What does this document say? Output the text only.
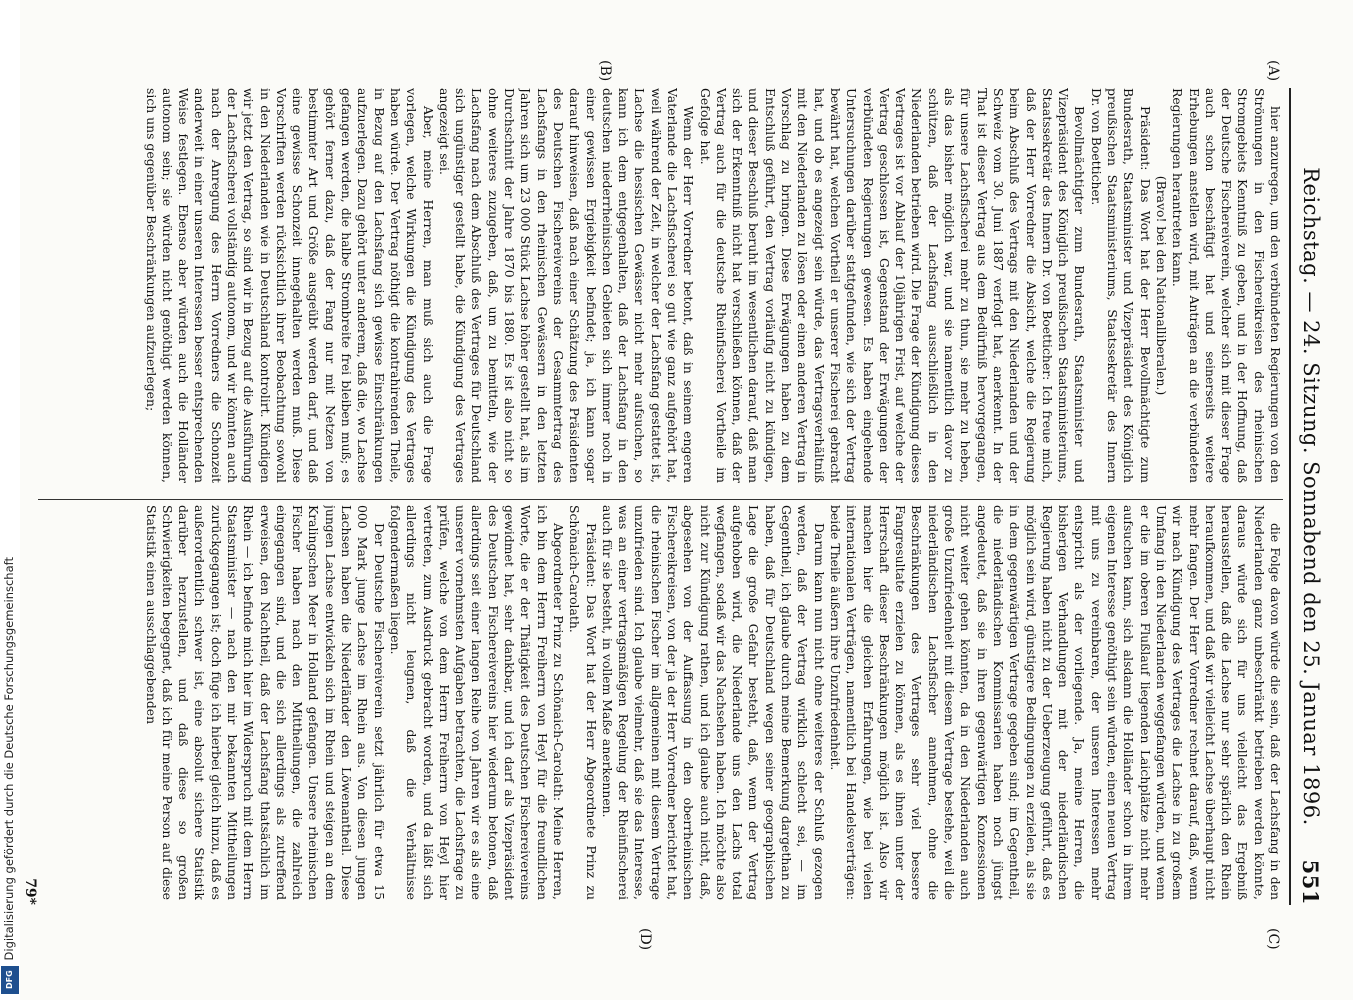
Reichstag. — 24. Sitzung. Sonnabend den 25. Januar 1896.
551
(A)
(B)
(C)
(D)

hier anzuregen, um den verbündeten Regierungen von den Strömungen in den Fischereikreisen des rheinischen Stromgebiets Kenntniß zu geben, und in der Hoffnung, daß der Deutsche Fischereiverein, welcher sich mit dieser Frage auch schon beschäftigt hat und seinerseits weitere Erhebungen anstellen wird, mit Anträgen an die verbündeten Regierungen herantreten kann.

(Bravo! bei den Nationalliberalen.)

Präsident: Das Wort hat der Herr Bevollmächtigte zum Bundesrath, Staatsminister und Vizepräsident des Königlich preußischen Staatsministeriums, Staatssekretär des Innern Dr. von Boetticher.

Bevollmächtigter zum Bundesrath, Staatsminister und Vizepräsident des Königlich preußischen Staatsministeriums, Staatssekretär des Innern Dr. von Boetticher: Ich freue mich, daß der Herr Vorredner die Absicht, welche die Regierung beim Abschluß des Vertrags mit den Niederlanden und der Schweiz vom 30. Juni 1887 verfolgt hat, anerkennt. In der That ist dieser Vertrag aus dem Bedürfniß hervorgegangen, für unsere Lachsfischerei mehr zu thun, sie mehr zu heben, als das bisher möglich war, und sie namentlich davor zu schützen, daß der Lachsfang ausschließlich in den Niederlanden betrieben wird. Die Frage der Kündigung dieses Vertrages ist vor Ablauf der 10jährigen Frist, auf welche der Vertrag geschlossen ist, Gegenstand der Erwägungen der verbündeten Regierungen gewesen. Es haben eingehende Untersuchungen darüber stattgefunden, wie sich der Vertrag bewährt hat, welchen Vortheil er unserer Fischerei gebracht hat, und ob es angezeigt sein würde, das Vertragsverhältniß mit den Niederlanden zu lösen oder einen anderen Vertrag in Vorschlag zu bringen. Diese Erwägungen haben zu dem Entschluß geführt, den Vertrag vorläufig nicht zu kündigen, und dieser Beschluß beruht im wesentlichen darauf, daß man sich der Erkenntniß nicht hat verschließen können, daß der Vertrag auch für die deutsche Rheinfischerei Vortheile im Gefolge hat.

Wenn der Herr Vorredner betont, daß in seinem engeren Vaterlande die Lachsfischerei so gut wie ganz aufgehört hat, weil während der Zeit, in welcher der Lachsfang gestattet ist, Lachse die hessischen Gewässer nicht mehr aufsuchen, so kann ich dem entgegenhalten, daß der Lachsfang in den deutschen niederrheinischen Gebieten sich immer noch in einer gewissen Ergiebigkeit befindet; ja, ich kann sogar darauf hinweisen, daß nach einer Schätzung des Präsidenten des Deutschen Fischereivereins der Gesammtertrag des Lachsfangs in den rheinischen Gewässern in den letzten Jahren sich um 23 000 Stück Lachse höher gestellt hat, als im Durchschnitt der Jahre 1870 bis 1880. Es ist also nicht so ohne weiteres zuzugeben, daß, um zu bemitteln, wie der Lachsfang nach dem Abschluß des Vertrages für Deutschland sich ungünstiger gestellt habe, die Kündigung des Vertrages angezeigt sei.

Aber, meine Herren, man muß sich auch die Frage vorlegen, welche Wirkungen die Kündigung des Vertrages haben würde. Der Vertrag nöthigt die kontrahirenden Theile, in Bezug auf den Lachsfang sich gewisse Einschränkungen aufzuerlegen. Dazu gehört unter anderem, daß die, wo Lachse gefangen werden, die halbe Strombreite frei bleiben muß; es gehört ferner dazu, daß der Fang nur mit Netzen von bestimmter Art und Größe ausgeübt werden darf, und daß eine gewisse Schonzeit innegehalten werden muß. Diese Vorschriften werden rücksichtlich ihrer Beobachtung sowohl in den Niederlanden wie in Deutschland kontrolirt. Kündigen wir jetzt den Vertrag, so sind wir in Bezug auf die Ausführung der Lachsfischerei vollständig autonom, und wir könnten auch nach der Anregung des Herrn Vorredners die Schonzeit anderweit in einer unseren Interessen besser entsprechenden Weise festlegen. Ebenso aber würden auch die Holländer autonom sein; sie würden nicht genöthigt werden können, sich uns gegenüber Beschränkungen aufzuerlegen;

die Folge davon würde die sein, daß der Lachsfang in den Niederlanden ganz unbeschränkt betrieben werden könnte, daraus würde sich für uns vielleicht das Ergebniß herausstellen, daß die Lachse nur sehr spärlich den Rhein heraufkommen, und daß wir vielleicht Lachse überhaupt nicht mehr fangen. Der Herr Vorredner rechnet darauf, daß, wenn wir nach Kündigung des Vertrages die Lachse in zu großem Umfang in den Niederlanden weggefangen würden, und wenn er die im oberen Flußlauf liegenden Laichplätze nicht mehr aufsuchen kann, sich alsdann die Holländer schon in ihrem eigenen Interesse genöthigt sein würden, einen neuen Vertrag mit uns zu vereinbaren, der unseren Interessen mehr entspricht als der vorliegende. Ja, meine Herren, die bisherigen Verhandlungen mit der niederländischen Regierung haben nicht zu der Ueberzeugung geführt, daß es möglich sein wird, günstigere Bedingungen zu erzielen, als sie in dem gegenwärtigen Vertrage gegeben sind; im Gegentheil, die niederländischen Kommissarien haben noch jüngst angedeutet, daß sie in ihren gegenwärtigen Konzessionen nicht weiter gehen könnten, da in den Niederlanden auch große Unzufriedenheit mit diesem Vertrage bestehe, weil die niederländischen Lachsfischer annehmen, ohne die Beschränkungen des Vertrages sehr viel bessere Fangresultate erzielen zu können, als es ihnen unter der Herrschaft dieser Beschränkungen möglich ist. Also wir machen hier die gleichen Erfahrungen, wie bei vielen internationalen Verträgen, namentlich bei Handelsverträgen: beide Theile äußern ihre Unzufriedenheit.

Darum kann nun nicht ohne weiteres der Schluß gezogen werden, daß der Vertrag wirklich schlecht sei, — im Gegentheil, ich glaube durch meine Bemerkung dargethan zu haben, daß für Deutschland wegen seiner geographischen Lage die große Gefahr besteht, daß, wenn der Vertrag aufgehoben wird, die Niederlande uns den Lachs total wegfangen, sodaß wir das Nachsehen haben. Ich möchte also nicht zur Kündigung rathen, und ich glaube auch nicht, daß, abgesehen von der Auffassung in den oberrheinischen Fischereikreisen, von der ja der Herr Vorredner berichtet hat, die rheinischen Fischer im allgemeinen mit diesem Vertrage unzufrieden sind. Ich glaube vielmehr, daß sie das Interesse, was an einer vertragsmäßigen Regelung der Rheinfischerei auch für sie besteht, in vollem Maße anerkennen.

Präsident: Das Wort hat der Herr Abgeordnete Prinz zu Schönaich-Carolath.

Abgeordneter Prinz zu Schönaich-Carolath: Meine Herren, ich bin dem Herrn Freiherrn von Heyl für die freundlichen Worte, die er der Thätigkeit des Deutschen Fischereivereins gewidmet hat, sehr dankbar, und ich darf als Vizepräsident des Deutschen Fischereivereins hier wiederum betonen, daß allerdings seit einer langen Reihe von Jahren wir es als eine unserer vornehmsten Aufgaben betrachten, die Lachsfrage zu prüfen, welche von dem Herrn Freiherrn von Heyl hier vertreten, zum Ausdruck gebracht worden, und da läßt sich allerdings nicht leugnen, daß die Verhältnisse folgendermaßen liegen.

Der Deutsche Fischereiverein setzt jährlich für etwa 15 000 Mark junge Lachse im Rhein aus. Von diesen jungen Lachsen haben die Niederländer den Löwenantheil. Diese jungen Lachse entwickeln sich im Rhein und steigen an dem Kralingschen Meer in Holland gefangen. Unsere rheinischen Fischer haben nach den Mittheilungen, die zahlreich eingegangen sind, und die sich allerdings als zutreffend erweisen, den Nachtheil, daß der Lachsfang thatsächlich im Rhein — ich befinde mich hier im Widerspruch mit dem Herrn Staatsminister — nach den mir bekannten Mittheilungen zurückgegangen ist; doch füge ich hierbei gleich hinzu, daß es außerordentlich schwer ist, eine absolut sichere Statistik darüber herzustellen, und daß diese so großen Schwierigkeiten begegnet, daß ich für meine Person auf diese Statistik einen ausschlaggebenden

79*
Digitalisierung gefördert durch die Deutsche Forschungsgemeinschaft
DFG
